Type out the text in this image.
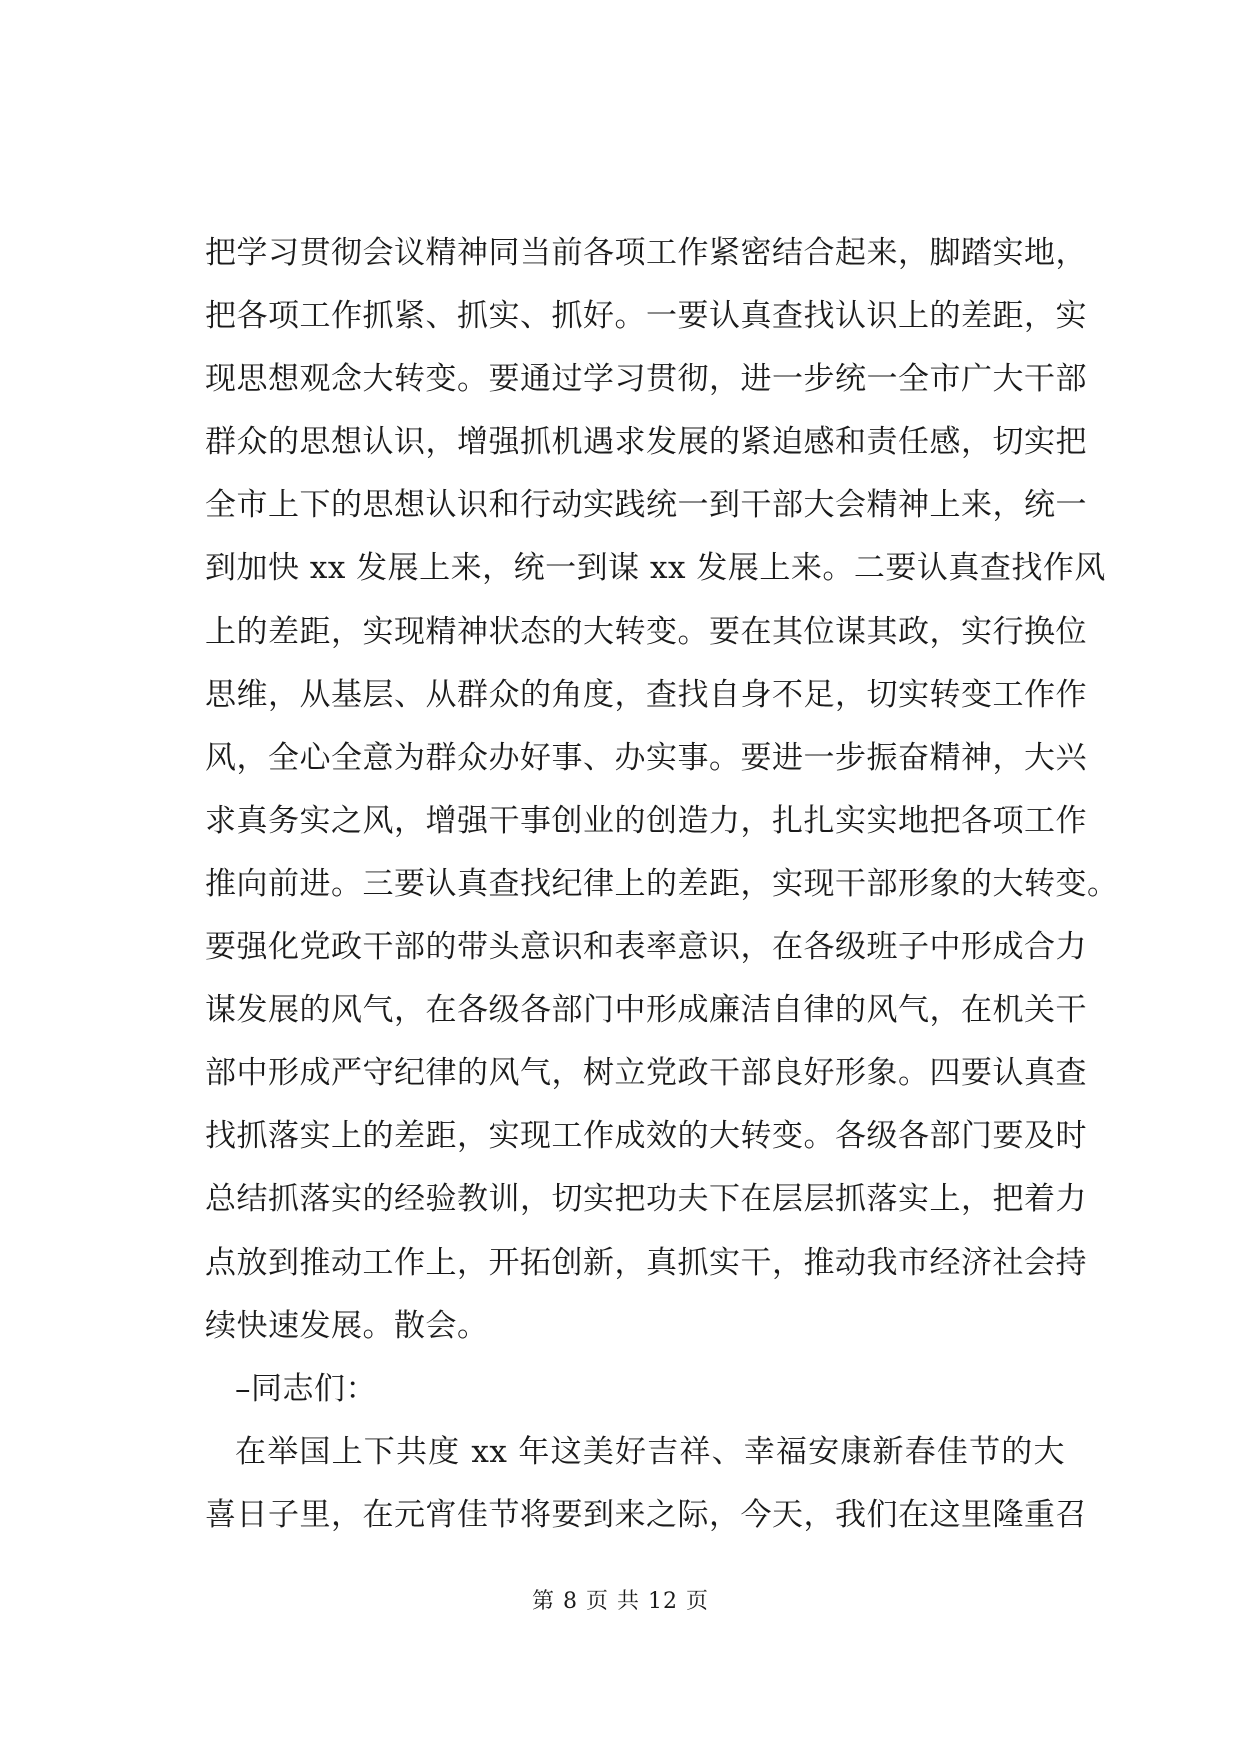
把学习贯彻会议精神同当前各项工作紧密结合起来，脚踏实地，
把各项工作抓紧、抓实、抓好。一要认真查找认识上的差距，实
现思想观念大转变。要通过学习贯彻，进一步统一全市广大干部
群众的思想认识，增强抓机遇求发展的紧迫感和责任感，切实把
全市上下的思想认识和行动实践统一到干部大会精神上来，统一
到加快 xx 发展上来，统一到谋 xx 发展上来。二要认真查找作风
上的差距，实现精神状态的大转变。要在其位谋其政，实行换位
思维，从基层、从群众的角度，查找自身不足，切实转变工作作
风，全心全意为群众办好事、办实事。要进一步振奋精神，大兴
求真务实之风，增强干事创业的创造力，扎扎实实地把各项工作
推向前进。三要认真查找纪律上的差距，实现干部形象的大转变。
要强化党政干部的带头意识和表率意识，在各级班子中形成合力
谋发展的风气，在各级各部门中形成廉洁自律的风气，在机关干
部中形成严守纪律的风气，树立党政干部良好形象。四要认真查
找抓落实上的差距，实现工作成效的大转变。各级各部门要及时
总结抓落实的经验教训，切实把功夫下在层层抓落实上，把着力
点放到推动工作上，开拓创新，真抓实干，推动我市经济社会持
续快速发展。散会。
–同志们：
在举国上下共度 xx 年这美好吉祥、幸福安康新春佳节的大
喜日子里，在元宵佳节将要到来之际，今天，我们在这里隆重召
第 8 页 共 12 页
